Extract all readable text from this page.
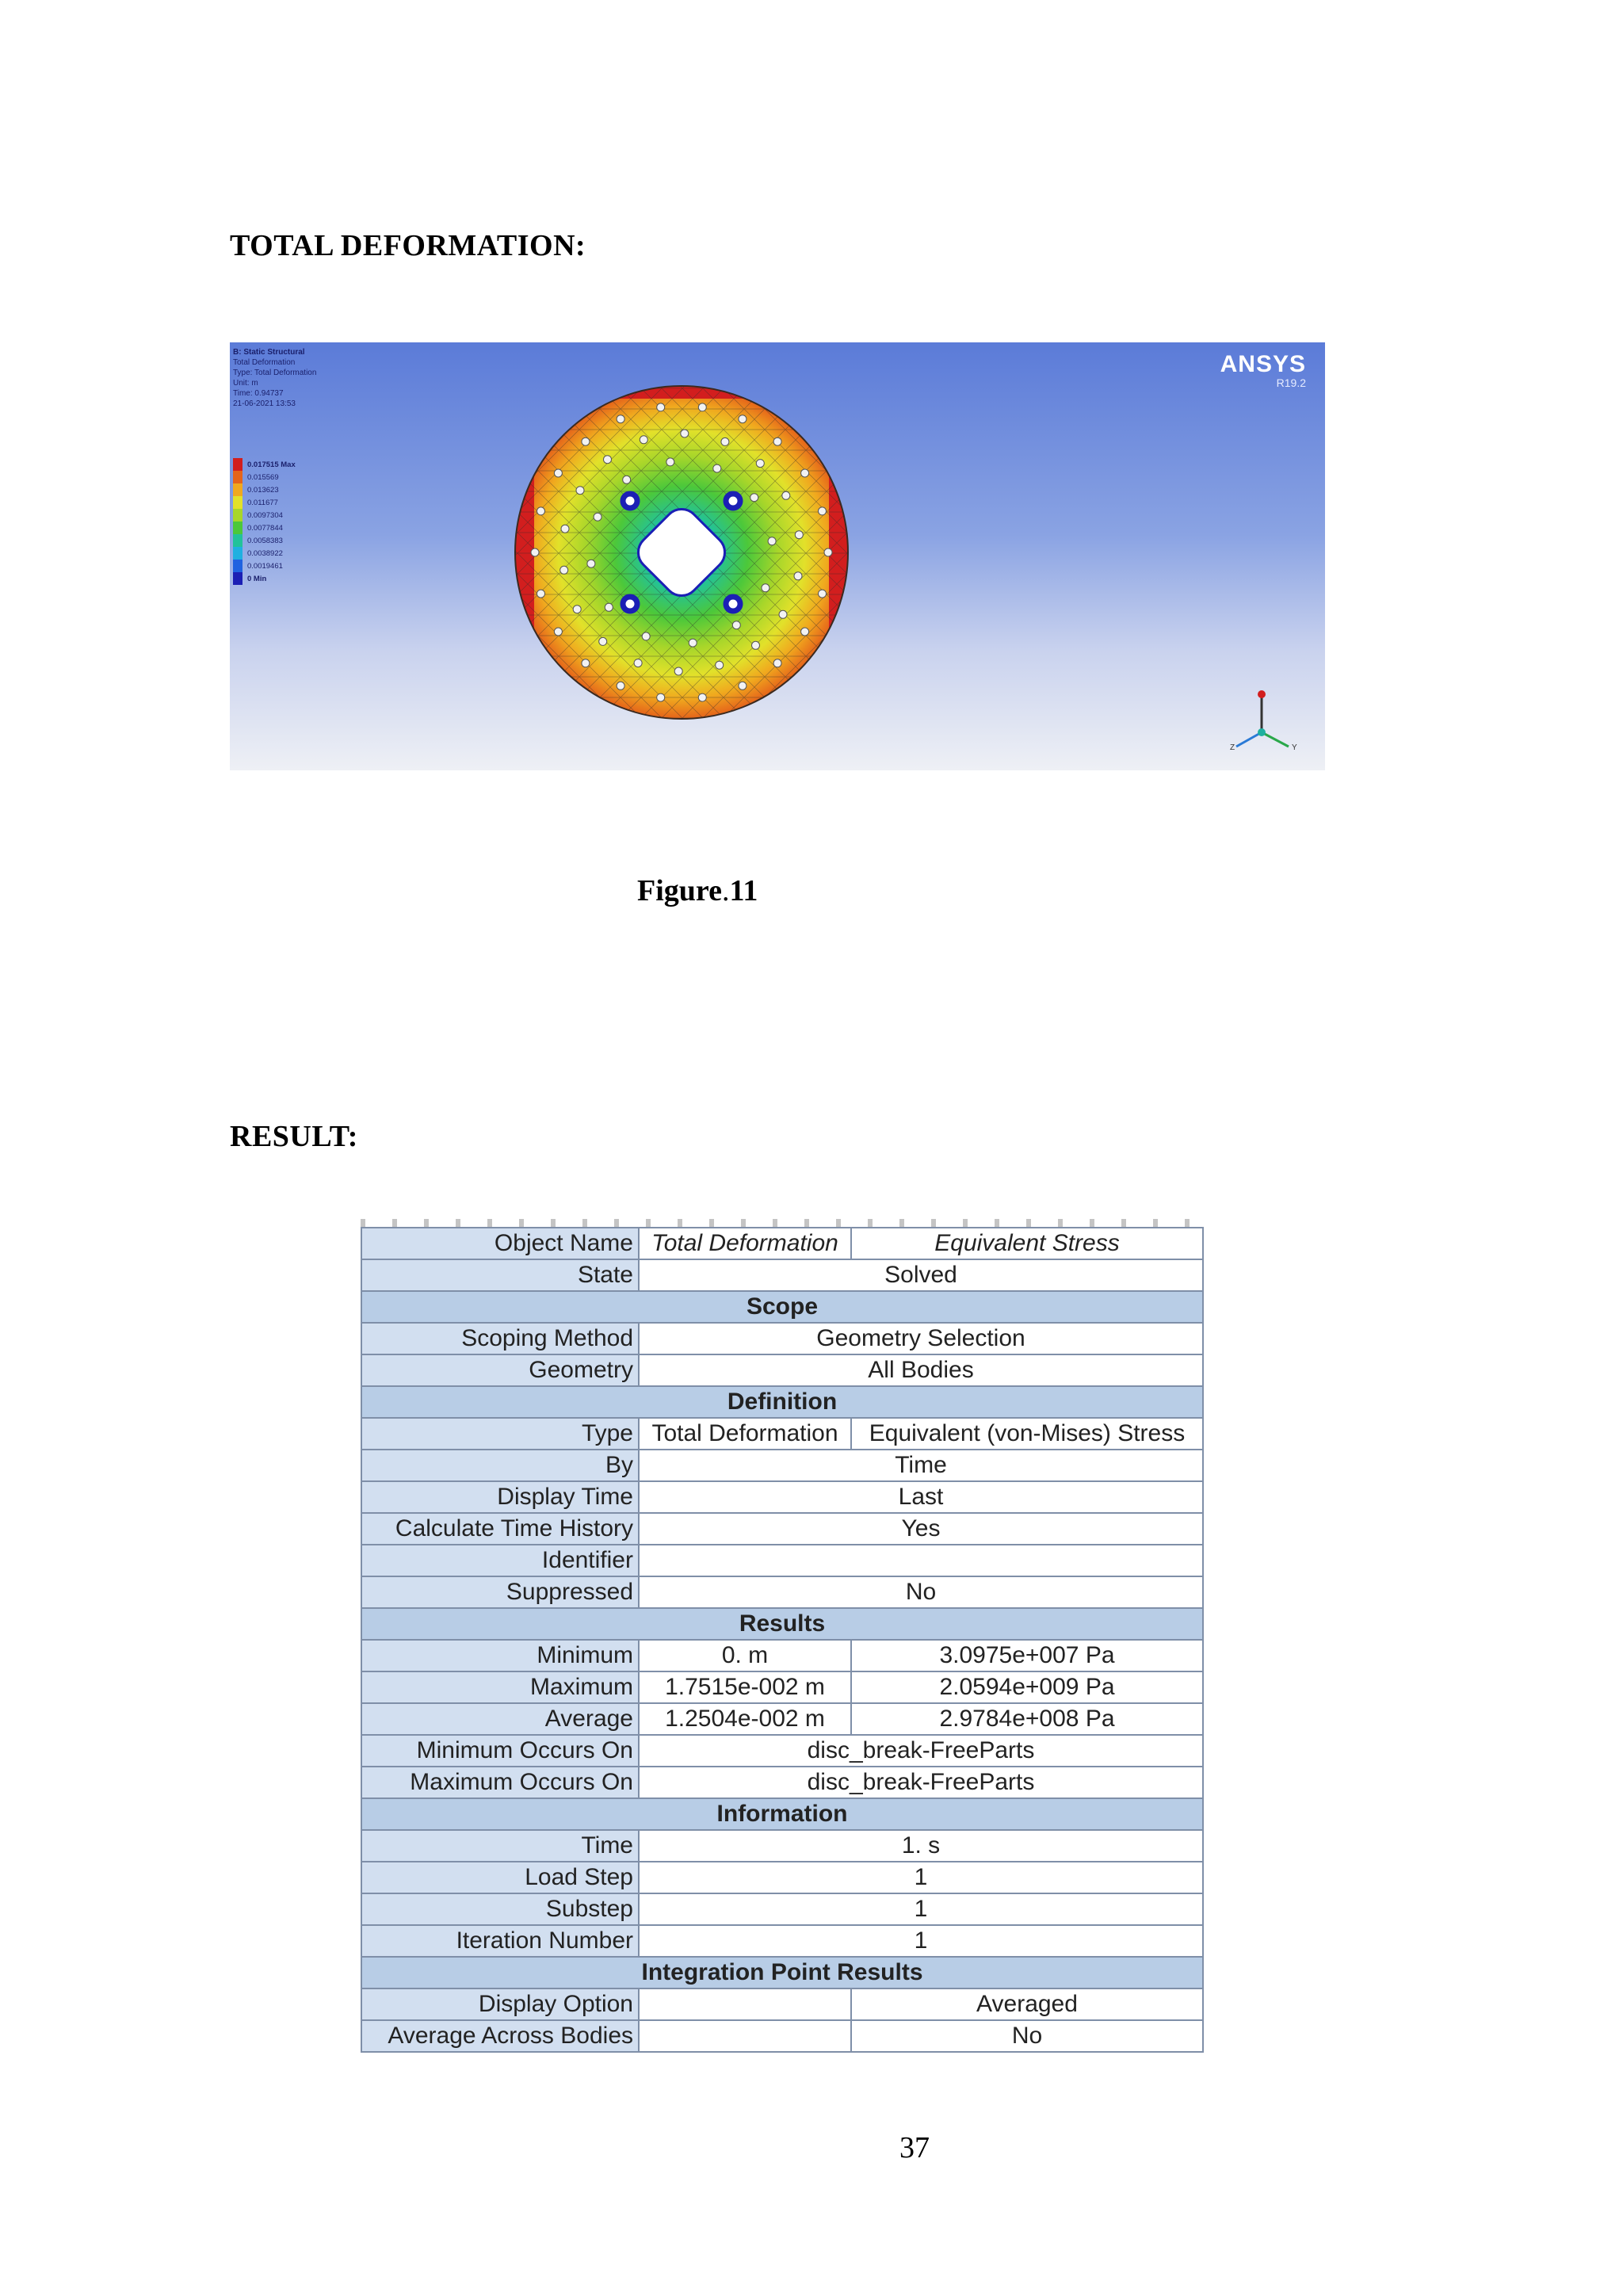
TOTAL DEFORMATION:
B: Static Structural
Total Deformation
Type: Total Deformation
Unit: m
Time: 0.94737
21-06-2021 13:53
0.017515 Max
0.015569
0.013623
0.011677
0.0097304
0.0077844
0.0058383
0.0038922
0.0019461
0 Min
ANSYS
R19.2
Z	Y
Figure.11
RESULT:
Object Name	Total Deformation	Equivalent Stress
State	Solved	
Scope		
Scoping Method	Geometry Selection	
Geometry	All Bodies	
Definition		
Type	Total Deformation	Equivalent (von-Mises) Stress
By	Time	
Display Time	Last	
Calculate Time History	Yes	
Identifier		
Suppressed	No	
Results		
Minimum	0. m	3.0975e+007 Pa
Maximum	1.7515e-002 m	2.0594e+009 Pa
Average	1.2504e-002 m	2.9784e+008 Pa
Minimum Occurs On	disc_break-FreeParts	
Maximum Occurs On	disc_break-FreeParts	
Information		
Time	1. s	
Load Step	1	
Substep	1	
Iteration Number	1	
Integration Point Results		
Display Option		Averaged
Average Across Bodies		No
37
